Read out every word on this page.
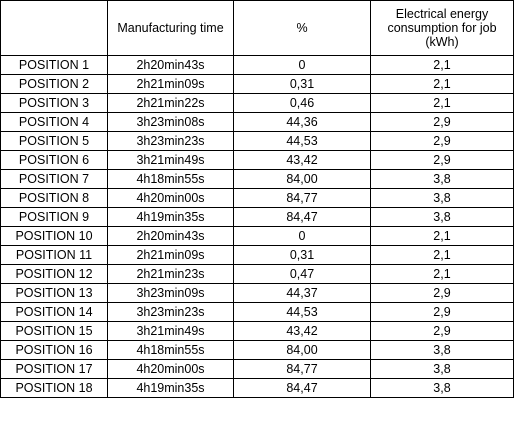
	Manufacturing time	%	Electrical energy consumption for job (kWh)
POSITION 1	2h20min43s	0	2,1
POSITION 2	2h21min09s	0,31	2,1
POSITION 3	2h21min22s	0,46	2,1
POSITION 4	3h23min08s	44,36	2,9
POSITION 5	3h23min23s	44,53	2,9
POSITION 6	3h21min49s	43,42	2,9
POSITION 7	4h18min55s	84,00	3,8
POSITION 8	4h20min00s	84,77	3,8
POSITION 9	4h19min35s	84,47	3,8
POSITION 10	2h20min43s	0	2,1
POSITION 11	2h21min09s	0,31	2,1
POSITION 12	2h21min23s	0,47	2,1
POSITION 13	3h23min09s	44,37	2,9
POSITION 14	3h23min23s	44,53	2,9
POSITION 15	3h21min49s	43,42	2,9
POSITION 16	4h18min55s	84,00	3,8
POSITION 17	4h20min00s	84,77	3,8
POSITION 18	4h19min35s	84,47	3,8
